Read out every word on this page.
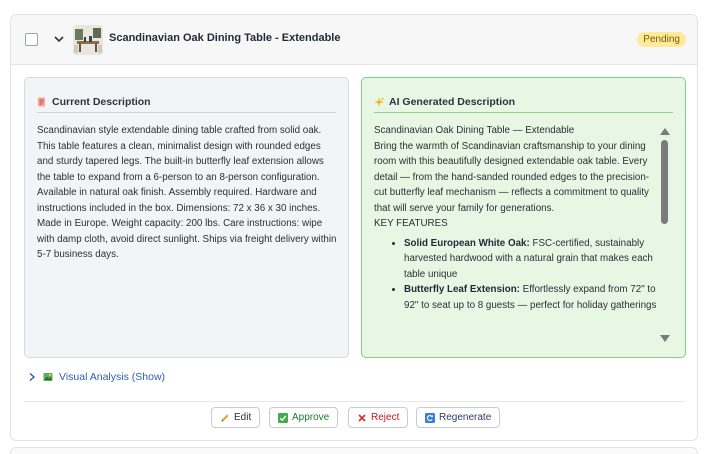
Scandinavian Oak Dining Table - Extendable	Pending
Current Description
Scandinavian style extendable dining table crafted from solid oak. This table features a clean, minimalist design with rounded edges and sturdy tapered legs. The built-in butterfly leaf extension allows the table to expand from a 6-person to an 8-person configuration. Available in natural oak finish. Assembly required. Hardware and instructions included in the box. Dimensions: 72 x 36 x 30 inches. Made in Europe. Weight capacity: 200 lbs. Care instructions: wipe with damp cloth, avoid direct sunlight. Ships via freight delivery within 5-7 business days.
AI Generated Description
Scandinavian Oak Dining Table — Extendable
Bring the warmth of Scandinavian craftsmanship to your dining room with this beautifully designed extendable oak table. Every detail — from the hand-sanded rounded edges to the precision-cut butterfly leaf mechanism — reflects a commitment to quality that will serve your family for generations.
KEY FEATURES
• Solid European White Oak: FSC-certified, sustainably harvested hardwood with a natural grain that makes each table unique
• Butterfly Leaf Extension: Effortlessly expand from 72" to 92" to seat up to 8 guests — perfect for holiday gatherings
Visual Analysis (Show)
Edit	Approve	Reject	Regenerate
